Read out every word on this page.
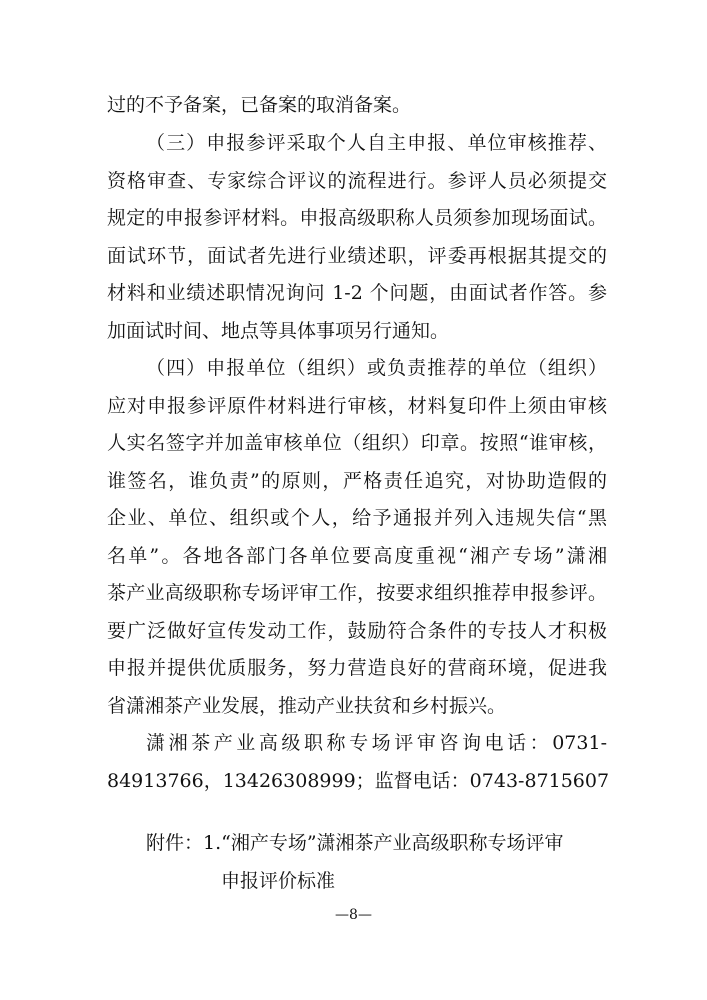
过的不予备案，已备案的取消备案。
（三）申报参评采取个人自主申报、单位审核推荐、
资格审查、专家综合评议的流程进行。参评人员必须提交
规定的申报参评材料。申报高级职称人员须参加现场面试。
面试环节，面试者先进行业绩述职，评委再根据其提交的
材料和业绩述职情况询问 1-2 个问题，由面试者作答。参
加面试时间、地点等具体事项另行通知。
（四）申报单位（组织）或负责推荐的单位（组织）
应对申报参评原件材料进行审核，材料复印件上须由审核
人实名签字并加盖审核单位（组织）印章。按照“谁审核，
谁签名，谁负责”的原则，严格责任追究，对协助造假的
企业、单位、组织或个人，给予通报并列入违规失信“黑
名单”。各地各部门各单位要高度重视“湘产专场”潇湘
茶产业高级职称专场评审工作，按要求组织推荐申报参评。
要广泛做好宣传发动工作，鼓励符合条件的专技人才积极
申报并提供优质服务，努力营造良好的营商环境，促进我
省潇湘茶产业发展，推动产业扶贫和乡村振兴。
潇湘茶产业高级职称专场评审咨询电话：0731-
84913766，13426308999；监督电话：0743-8715607
附件： 1.“湘产专场”潇湘茶产业高级职称专场评审
申报评价标准
—8—
